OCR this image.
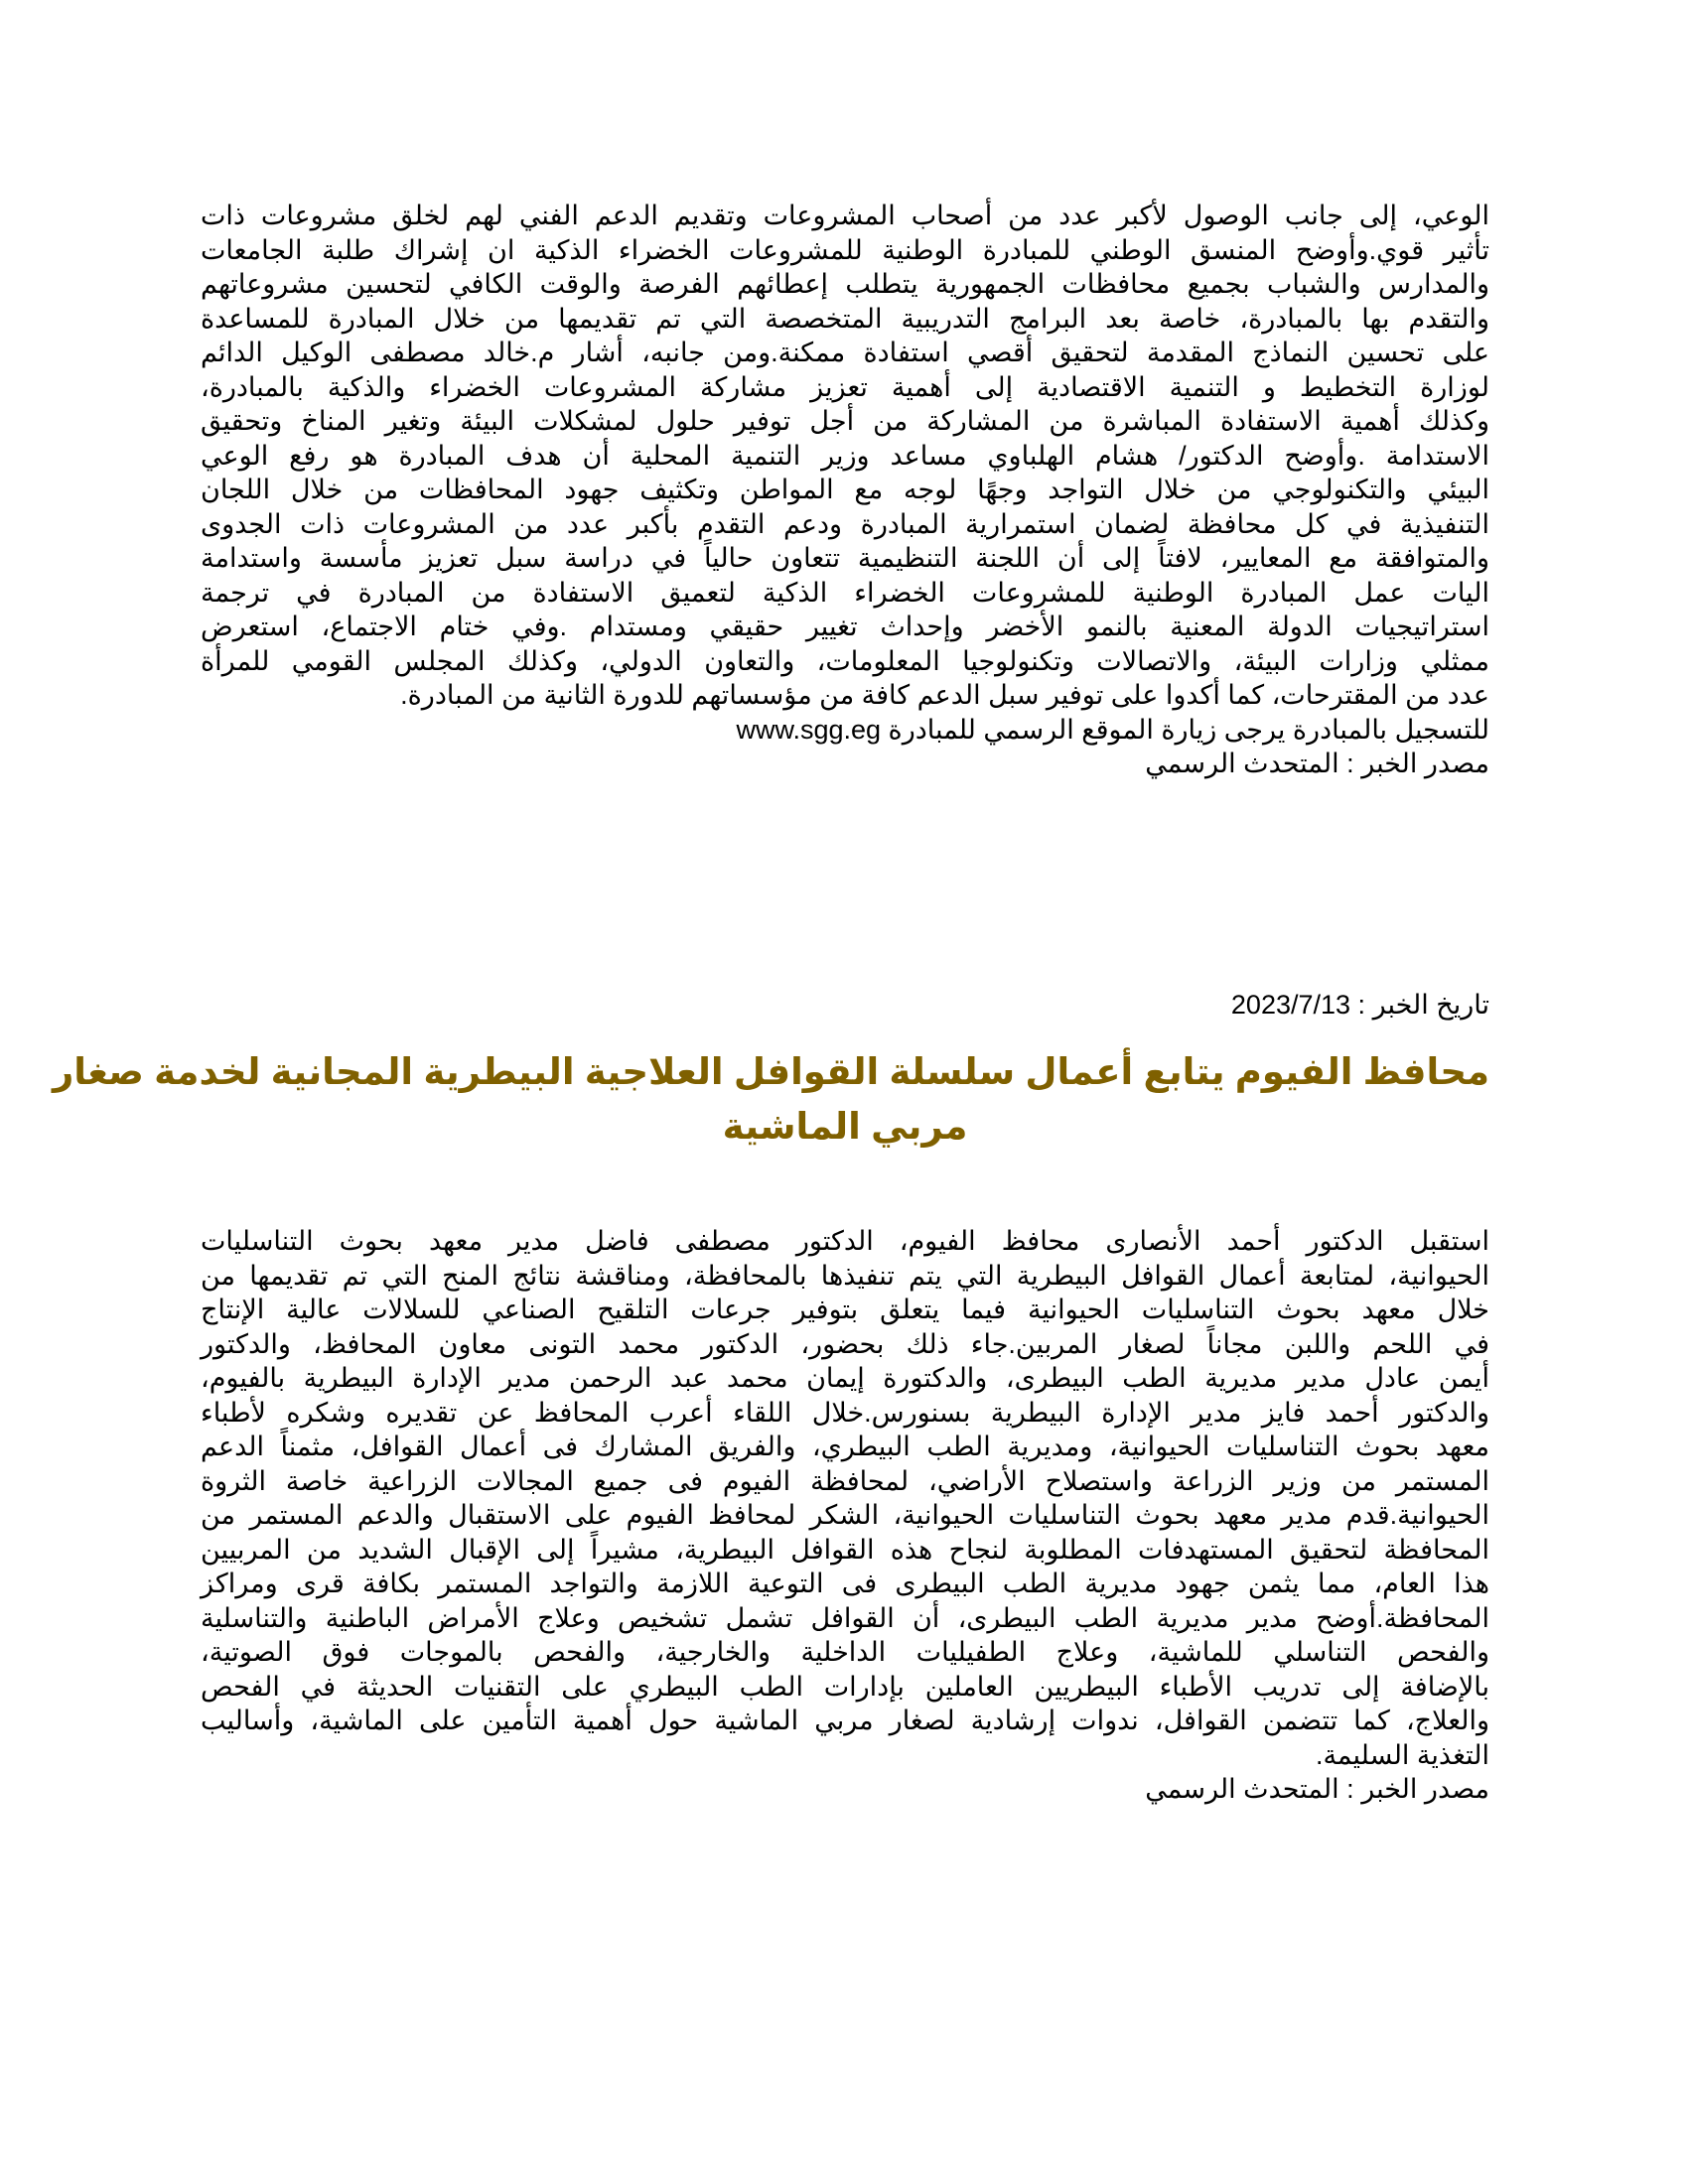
الوعي، إلى جانب الوصول لأكبر عدد من أصحاب المشروعات وتقديم الدعم الفني لهم لخلق مشروعات ذات
تأثير قوي.وأوضح المنسق الوطني للمبادرة الوطنية للمشروعات الخضراء الذكية ان إشراك طلبة الجامعات
والمدارس والشباب بجميع محافظات الجمهورية يتطلب إعطائهم الفرصة والوقت الكافي لتحسين مشروعاتهم
والتقدم بها بالمبادرة، خاصة بعد البرامج التدريبية المتخصصة التي تم تقديمها من خلال المبادرة للمساعدة
على تحسين النماذج المقدمة لتحقيق أقصي استفادة ممكنة.ومن جانبه، أشار م.خالد مصطفى الوكيل الدائم
لوزارة التخطيط و التنمية الاقتصادية إلى أهمية تعزيز مشاركة المشروعات الخضراء والذكية بالمبادرة،
وكذلك أهمية الاستفادة المباشرة من المشاركة من أجل توفير حلول لمشكلات البيئة وتغير المناخ وتحقيق
الاستدامة .وأوضح الدكتور/ هشام الهلباوي مساعد وزير التنمية المحلية أن هدف المبادرة هو رفع الوعي
البيئي والتكنولوجي من خلال التواجد وجهًا لوجه مع المواطن وتكثيف جهود المحافظات من خلال اللجان
التنفيذية في كل محافظة لضمان استمرارية المبادرة ودعم التقدم بأكبر عدد من المشروعات ذات الجدوى
والمتوافقة مع المعايير، لافتاً إلى أن اللجنة التنظيمية تتعاون حالياً في دراسة سبل تعزيز مأسسة واستدامة
اليات عمل المبادرة الوطنية للمشروعات الخضراء الذكية لتعميق الاستفادة من المبادرة في ترجمة
استراتيجيات الدولة المعنية بالنمو الأخضر وإحداث تغيير حقيقي ومستدام .وفي ختام الاجتماع، استعرض
ممثلي وزارات البيئة، والاتصالات وتكنولوجيا المعلومات، والتعاون الدولي، وكذلك المجلس القومي للمرأة
عدد من المقترحات، كما أكدوا على توفير سبل الدعم كافة من مؤسساتهم للدورة الثانية من المبادرة.
للتسجيل بالمبادرة يرجى زيارة الموقع الرسمي للمبادرة www.sgg.eg
مصدر الخبر : المتحدث الرسمي
تاريخ الخبر : 2023/7/13
محافظ الفيوم يتابع أعمال سلسلة القوافل العلاجية البيطرية المجانية لخدمة صغار
مربي الماشية
استقبل الدكتور أحمد الأنصارى محافظ الفيوم، الدكتور مصطفى فاضل مدير معهد بحوث التناسليات
الحيوانية، لمتابعة أعمال القوافل البيطرية التي يتم تنفيذها بالمحافظة، ومناقشة نتائج المنح التي تم تقديمها من
خلال معهد بحوث التناسليات الحيوانية فيما يتعلق بتوفير جرعات التلقيح الصناعي للسلالات عالية الإنتاج
في اللحم واللبن مجاناً لصغار المربين.جاء ذلك بحضور، الدكتور محمد التونى معاون المحافظ، والدكتور
أيمن عادل مدير مديرية الطب البيطرى، والدكتورة إيمان محمد عبد الرحمن مدير الإدارة البيطرية بالفيوم،
والدكتور أحمد فايز مدير الإدارة البيطرية بسنورس.خلال اللقاء أعرب المحافظ عن تقديره وشكره لأطباء
معهد بحوث التناسليات الحيوانية، ومديرية الطب البيطري، والفريق المشارك فى أعمال القوافل، مثمناً الدعم
المستمر من وزير الزراعة واستصلاح الأراضي، لمحافظة الفيوم فى جميع المجالات الزراعية خاصة الثروة
الحيوانية.قدم مدير معهد بحوث التناسليات الحيوانية، الشكر لمحافظ الفيوم على الاستقبال والدعم المستمر من
المحافظة لتحقيق المستهدفات المطلوبة لنجاح هذه القوافل البيطرية، مشيراً إلى الإقبال الشديد من المربيين
هذا العام، مما يثمن جهود مديرية الطب البيطرى فى التوعية اللازمة والتواجد المستمر بكافة قرى ومراكز
المحافظة.أوضح مدير مديرية الطب البيطرى، أن القوافل تشمل تشخيص وعلاج الأمراض الباطنية والتناسلية
والفحص التناسلي للماشية، وعلاج الطفيليات الداخلية والخارجية، والفحص بالموجات فوق الصوتية،
بالإضافة إلى تدريب الأطباء البيطريين العاملين بإدارات الطب البيطري على التقنيات الحديثة في الفحص
والعلاج، كما تتضمن القوافل، ندوات إرشادية لصغار مربي الماشية حول أهمية التأمين على الماشية، وأساليب
التغذية السليمة.
مصدر الخبر : المتحدث الرسمي
